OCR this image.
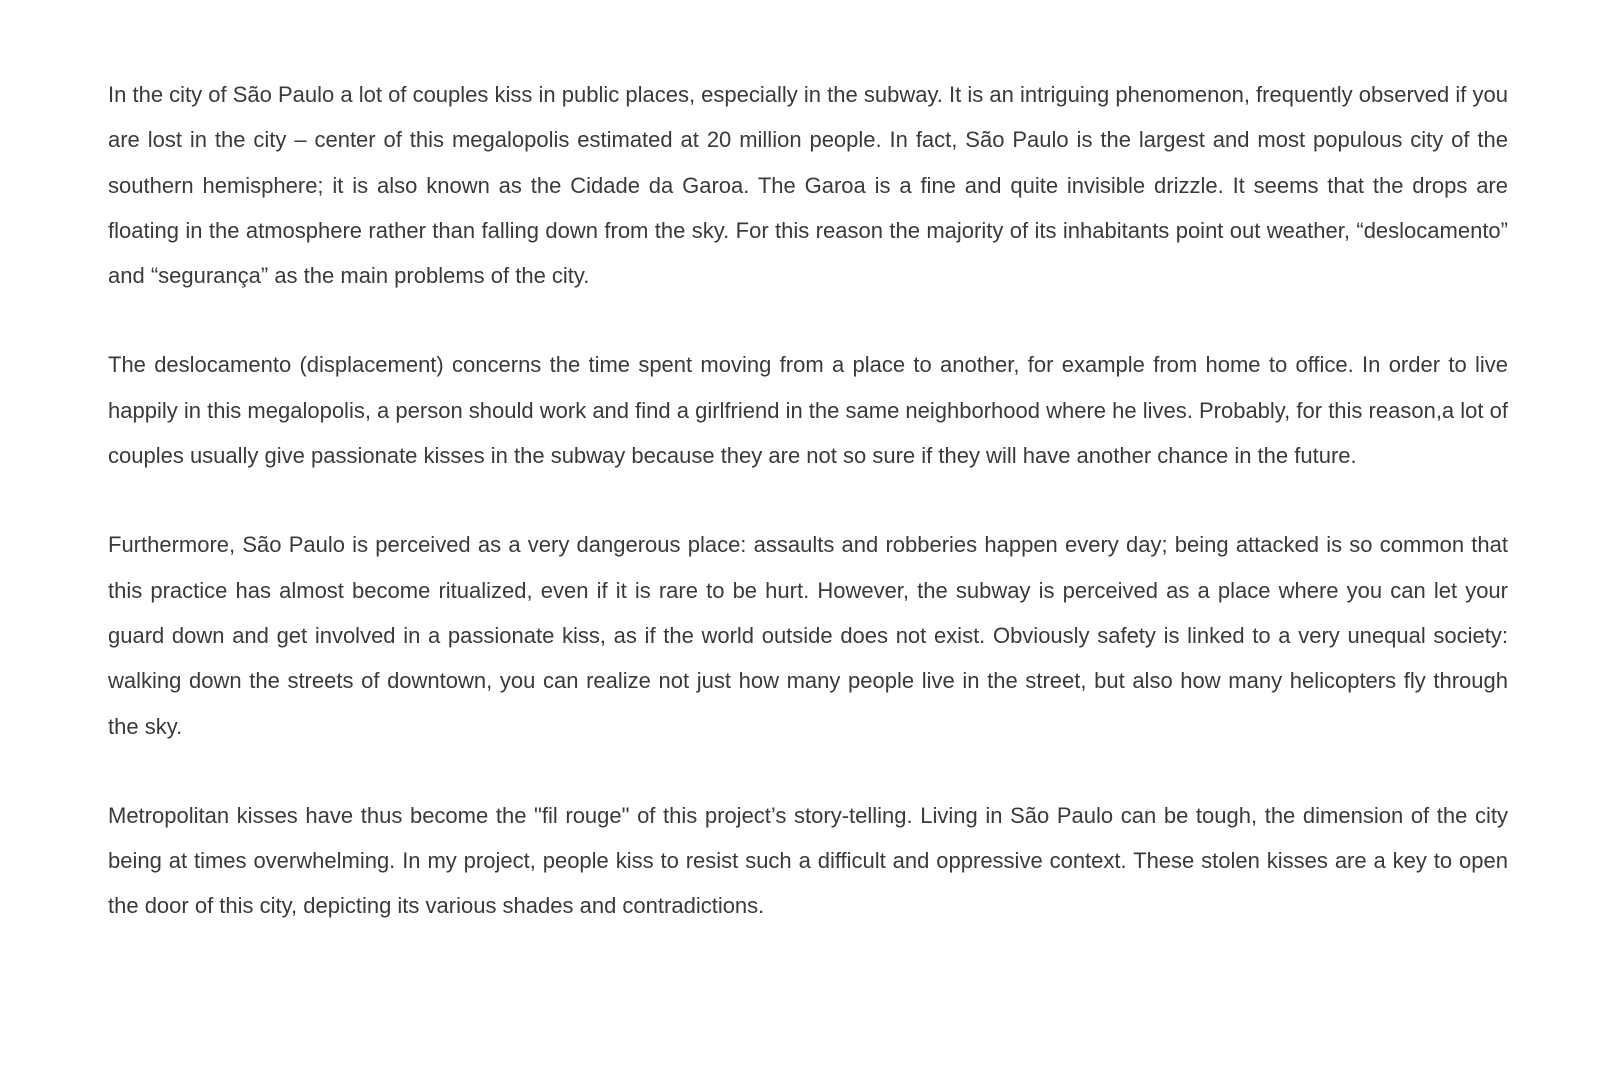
In the city of São Paulo a lot of couples kiss in public places, especially in the subway. It is an intriguing phenomenon, frequently observed if you are lost in the city – center of this megalopolis estimated at 20 million people. In fact, São Paulo is the largest and most populous city of the southern hemisphere; it is also known as the Cidade da Garoa. The Garoa is a fine and quite invisible drizzle. It seems that the drops are floating in the atmosphere rather than falling down from the sky. For this reason the majority of its inhabitants point out weather, “deslocamento” and “segurança” as the main problems of the city.

The deslocamento (displacement) concerns the time spent moving from a place to another, for example from home to office. In order to live happily in this megalopolis, a person should work and find a girlfriend in the same neighborhood where he lives. Probably, for this reason,a lot of couples usually give passionate kisses in the subway because they are not so sure if they will have another chance in the future.

Furthermore, São Paulo is perceived as a very dangerous place: assaults and robberies happen every day; being attacked is so common that this practice has almost become ritualized, even if it is rare to be hurt. However, the subway is perceived as a place where you can let your guard down and get involved in a passionate kiss, as if the world outside does not exist. Obviously safety is linked to a very unequal society: walking down the streets of downtown, you can realize not just how many people live in the street, but also how many helicopters fly through the sky.

Metropolitan kisses have thus become the "fil rouge" of this project’s story-telling. Living in São Paulo can be tough, the dimension of the city being at times overwhelming. In my project, people kiss to resist such a difficult and oppressive context. These stolen kisses are a key to open the door of this city, depicting its various shades and contradictions.
